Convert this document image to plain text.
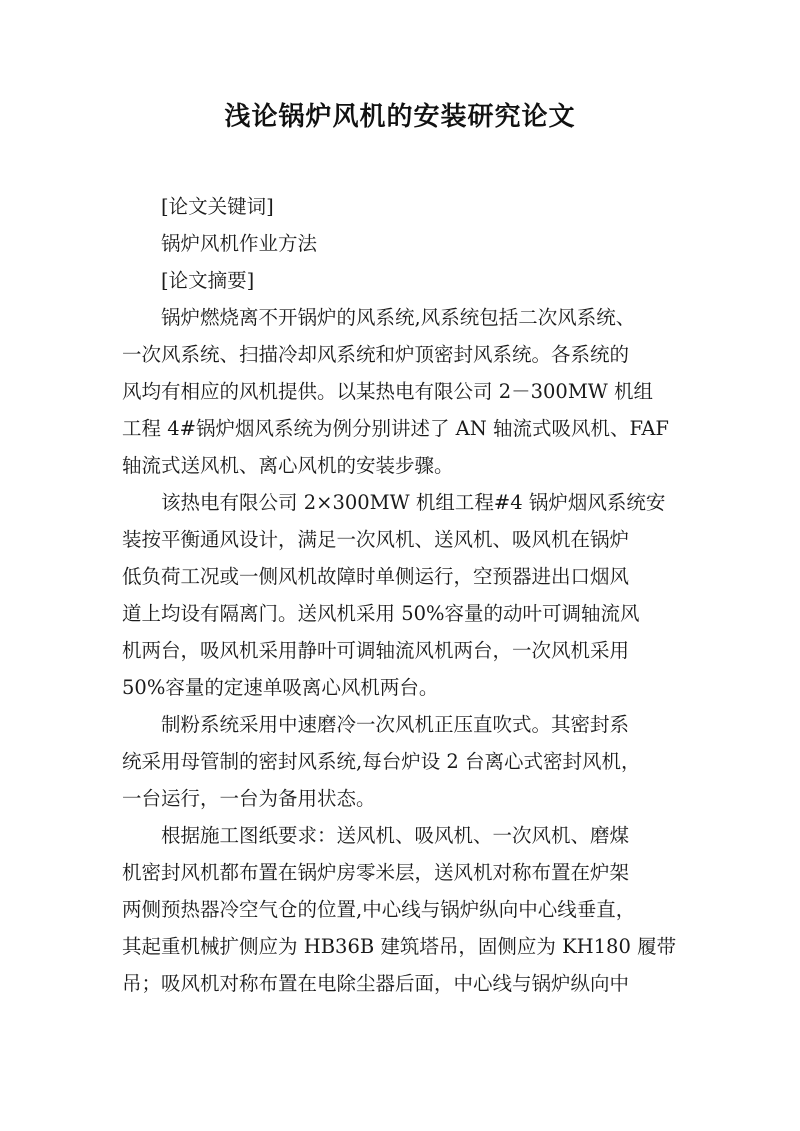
浅论锅炉风机的安装研究论文
[论文关键词]
锅炉风机作业方法
[论文摘要]
锅炉燃烧离不开锅炉的风系统,风系统包括二次风系统、
一次风系统、扫描冷却风系统和炉顶密封风系统。各系统的
风均有相应的风机提供。以某热电有限公司 2－300MW 机组
工程 4#锅炉烟风系统为例分别讲述了 AN 轴流式吸风机、FAF
轴流式送风机、离心风机的安装步骤。
该热电有限公司 2×300MW 机组工程#4 锅炉烟风系统安
装按平衡通风设计，满足一次风机、送风机、吸风机在锅炉
低负荷工况或一侧风机故障时单侧运行，空预器进出口烟风
道上均设有隔离门。送风机采用 50%容量的动叶可调轴流风
机两台，吸风机采用静叶可调轴流风机两台，一次风机采用
50%容量的定速单吸离心风机两台。
制粉系统采用中速磨冷一次风机正压直吹式。其密封系
统采用母管制的密封风系统,每台炉设 2 台离心式密封风机，
一台运行，一台为备用状态。
根据施工图纸要求：送风机、吸风机、一次风机、磨煤
机密封风机都布置在锅炉房零米层，送风机对称布置在炉架
两侧预热器冷空气仓的位置,中心线与锅炉纵向中心线垂直，
其起重机械扩侧应为 HB36B 建筑塔吊，固侧应为 KH180 履带
吊；吸风机对称布置在电除尘器后面，中心线与锅炉纵向中
